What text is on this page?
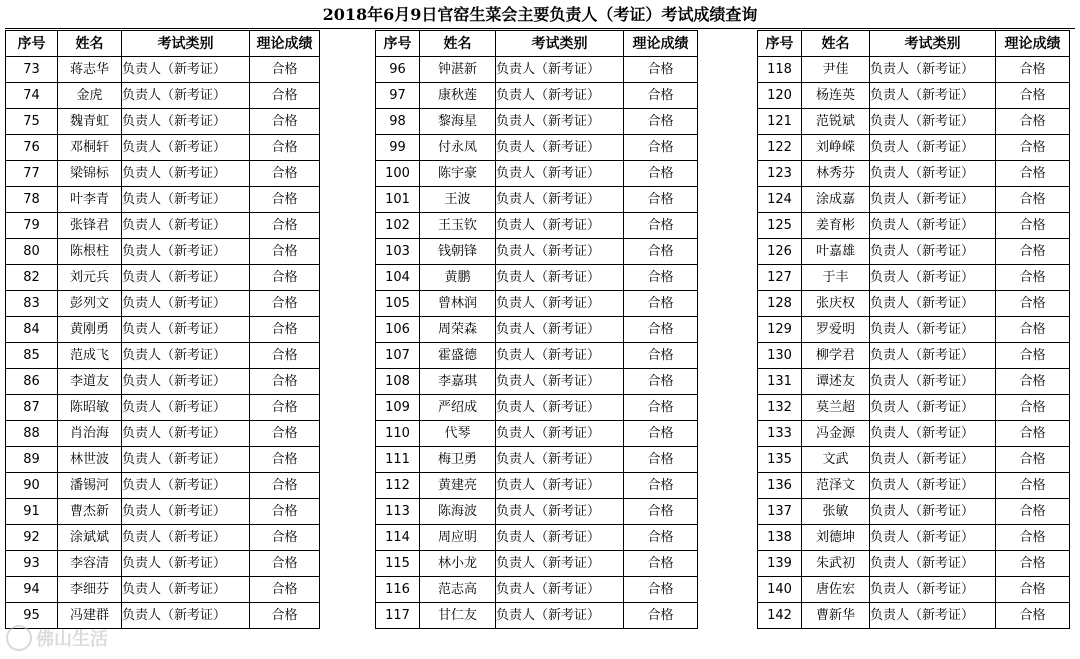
2018年6月9日官窑生菜会主要负责人（考证）考试成绩查询
序号	姓名	考试类别	理论成绩
73	蒋志华	负责人（新考证）	合格
74	金虎	负责人（新考证）	合格
75	魏青虹	负责人（新考证）	合格
76	邓桐轩	负责人（新考证）	合格
77	梁锦标	负责人（新考证）	合格
78	叶李青	负责人（新考证）	合格
79	张锋君	负责人（新考证）	合格
80	陈根柱	负责人（新考证）	合格
82	刘元兵	负责人（新考证）	合格
83	彭列文	负责人（新考证）	合格
84	黄刚勇	负责人（新考证）	合格
85	范成飞	负责人（新考证）	合格
86	李道友	负责人（新考证）	合格
87	陈昭敏	负责人（新考证）	合格
88	肖治海	负责人（新考证）	合格
89	林世波	负责人（新考证）	合格
90	潘锡河	负责人（新考证）	合格
91	曹杰新	负责人（新考证）	合格
92	涂斌斌	负责人（新考证）	合格
93	李容清	负责人（新考证）	合格
94	李细芬	负责人（新考证）	合格
95	冯建群	负责人（新考证）	合格
序号	姓名	考试类别	理论成绩
96	钟湛新	负责人（新考证）	合格
97	康秋莲	负责人（新考证）	合格
98	黎海星	负责人（新考证）	合格
99	付永凤	负责人（新考证）	合格
100	陈宇豪	负责人（新考证）	合格
101	王波	负责人（新考证）	合格
102	王玉钦	负责人（新考证）	合格
103	钱朝锋	负责人（新考证）	合格
104	黄鹏	负责人（新考证）	合格
105	曾林润	负责人（新考证）	合格
106	周荣森	负责人（新考证）	合格
107	霍盛德	负责人（新考证）	合格
108	李嘉琪	负责人（新考证）	合格
109	严绍成	负责人（新考证）	合格
110	代琴	负责人（新考证）	合格
111	梅卫勇	负责人（新考证）	合格
112	黄建亮	负责人（新考证）	合格
113	陈海波	负责人（新考证）	合格
114	周应明	负责人（新考证）	合格
115	林小龙	负责人（新考证）	合格
116	范志高	负责人（新考证）	合格
117	甘仁友	负责人（新考证）	合格
序号	姓名	考试类别	理论成绩
118	尹佳	负责人（新考证）	合格
120	杨连英	负责人（新考证）	合格
121	范锐斌	负责人（新考证）	合格
122	刘峥嵘	负责人（新考证）	合格
123	林秀芬	负责人（新考证）	合格
124	涂成嘉	负责人（新考证）	合格
125	姜育彬	负责人（新考证）	合格
126	叶嘉雄	负责人（新考证）	合格
127	于丰	负责人（新考证）	合格
128	张庆权	负责人（新考证）	合格
129	罗爱明	负责人（新考证）	合格
130	柳学君	负责人（新考证）	合格
131	谭述友	负责人（新考证）	合格
132	莫兰超	负责人（新考证）	合格
133	冯金源	负责人（新考证）	合格
135	文武	负责人（新考证）	合格
136	范泽文	负责人（新考证）	合格
137	张敏	负责人（新考证）	合格
138	刘德坤	负责人（新考证）	合格
139	朱武初	负责人（新考证）	合格
140	唐佐宏	负责人（新考证）	合格
142	曹新华	负责人（新考证）	合格
佛山生活
